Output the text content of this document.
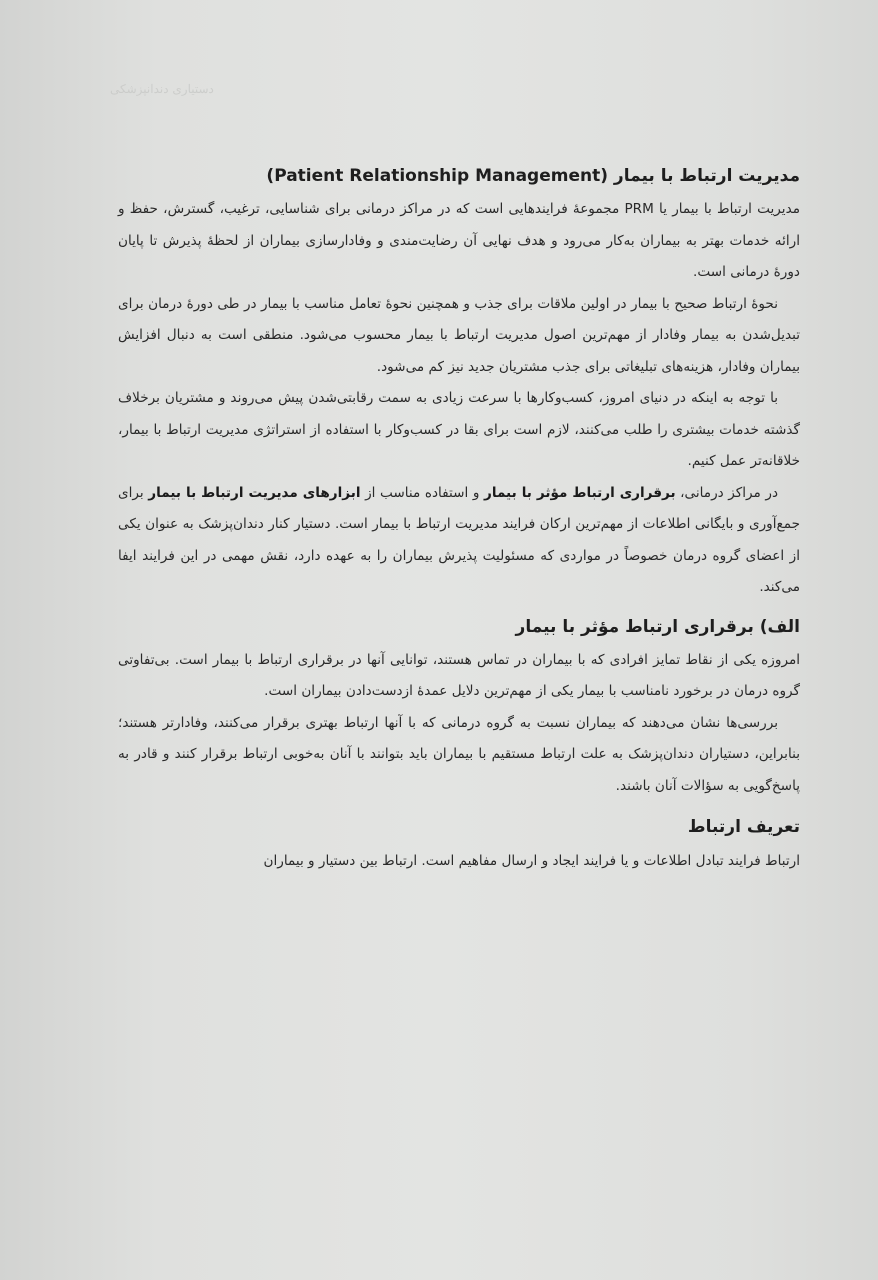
دستیاری دندانپزشکی
مدیریت ارتباط با بیمار (Patient Relationship Management)

مدیریت ارتباط با بیمار یا PRM مجموعهٔ فرایندهایی است که در مراکز درمانی برای شناسایی، ترغیب، گسترش، حفظ و ارائه خدمات بهتر به بیماران به‌کار می‌رود و هدف نهایی آن رضایت‌مندی و وفادارسازی بیماران از لحظهٔ پذیرش تا پایان دورهٔ درمانی است.

نحوهٔ ارتباط صحیح با بیمار در اولین ملاقات برای جذب و همچنین نحوهٔ تعامل مناسب با بیمار در طی دورهٔ درمان برای تبدیل‌شدن به بیمار وفادار از مهم‌ترین اصول مدیریت ارتباط با بیمار محسوب می‌شود. منطقی است به دنبال افزایش بیماران وفادار، هزینه‌های تبلیغاتی برای جذب مشتریان جدید نیز کم می‌شود.

با توجه به اینکه در دنیای امروز، کسب‌وکارها با سرعت زیادی به سمت رقابتی‌شدن پیش می‌روند و مشتریان برخلاف گذشته خدمات بیشتری را طلب می‌کنند، لازم است برای بقا در کسب‌وکار با استفاده از استراتژی مدیریت ارتباط با بیمار، خلاقانه‌تر عمل کنیم.

در مراکز درمانی، برقراری ارتباط مؤثر با بیمار و استفاده مناسب از ابزارهای مدیریت ارتباط با بیمار برای جمع‌آوری و بایگانی اطلاعات از مهم‌ترین ارکان فرایند مدیریت ارتباط با بیمار است. دستیار کنار دندان‌پزشک به عنوان یکی از اعضای گروه درمان خصوصاً در مواردی که مسئولیت پذیرش بیماران را به عهده دارد، نقش مهمی در این فرایند ایفا می‌کند.

الف) برقراری ارتباط مؤثر با بیمار

امروزه یکی از نقاط تمایز افرادی که با بیماران در تماس هستند، توانایی آنها در برقراری ارتباط با بیمار است. بی‌تفاوتی گروه درمان در برخورد نامناسب با بیمار یکی از مهم‌ترین دلایل عمدهٔ ازدست‌دادن بیماران است.

بررسی‌ها نشان می‌دهند که بیماران نسبت به گروه درمانی که با آنها ارتباط بهتری برقرار می‌کنند، وفادارتر هستند؛ بنابراین، دستیاران دندان‌پزشک به علت ارتباط مستقیم با بیماران باید بتوانند با آنان به‌خوبی ارتباط برقرار کنند و قادر به پاسخ‌گویی به سؤالات آنان باشند.

تعریف ارتباط

ارتباط فرایند تبادل اطلاعات و یا فرایند ایجاد و ارسال مفاهیم است. ارتباط بین دستیار و بیماران
